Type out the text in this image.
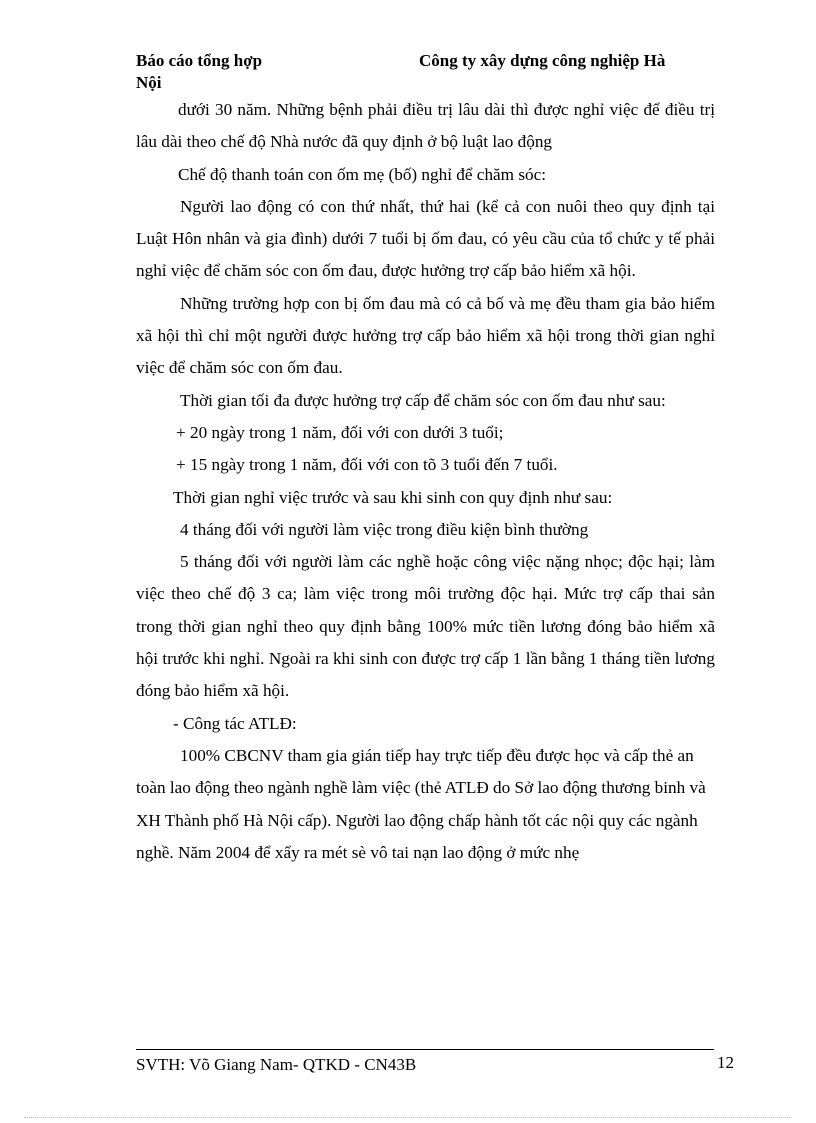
Báo cáo tổng hợp	Công ty xây dựng công nghiệp Hà
Nội

dưới 30 năm. Những bệnh phải điều trị lâu dài thì được nghỉ việc để điều trị lâu dài theo chế độ Nhà nước đã quy định ở bộ luật lao động

Chế độ thanh toán con ốm mẹ (bố) nghỉ để chăm sóc:

Người lao động có con thứ nhất, thứ hai (kể cả con nuôi theo quy định tại Luật Hôn nhân và gia đình) dưới 7 tuổi bị ốm đau, có yêu cầu của tổ chức y tế phải nghỉ việc để chăm sóc con ốm đau, được hưởng trợ cấp bảo hiểm xã hội.

Những trường hợp con bị ốm đau mà có cả bố và mẹ đều tham gia bảo hiểm xã hội thì chỉ một người được hưởng trợ cấp bảo hiểm xã hội trong thời gian nghỉ việc để chăm sóc con ốm đau.

Thời gian tối đa được hưởng trợ cấp để chăm sóc con ốm đau như sau:

+ 20 ngày trong 1 năm, đối với con dưới 3 tuổi;

+ 15 ngày trong 1 năm, đối với con tõ 3 tuổi đến 7 tuổi.

Thời gian nghỉ việc trước và sau khi sinh con quy định như sau:

4 tháng đối với người làm việc trong điều kiện bình thường

5 tháng đối với người làm các nghề hoặc công việc nặng nhọc; độc hại; làm việc theo chế độ 3 ca; làm việc trong môi trường độc hại. Mức trợ cấp thai sản trong thời gian nghỉ theo quy định bằng 100% mức tiền lương đóng bảo hiểm xã hội trước khi nghỉ. Ngoài ra khi sinh con được trợ cấp 1 lần bằng 1 tháng tiền lương đóng bảo hiểm xã hội.

- Công tác ATLĐ:

100% CBCNV tham gia gián tiếp hay trực tiếp đều được học và cấp thẻ an toàn lao động theo ngành nghề làm việc (thẻ ATLĐ do Sở lao động thương binh và XH Thành phố Hà Nội cấp). Người lao động chấp hành tốt các nội quy các ngành nghề. Năm 2004 để xẩy ra mét sè vô tai nạn lao động ở mức nhẹ

SVTH: Võ Giang Nam- QTKD - CN43B	12
